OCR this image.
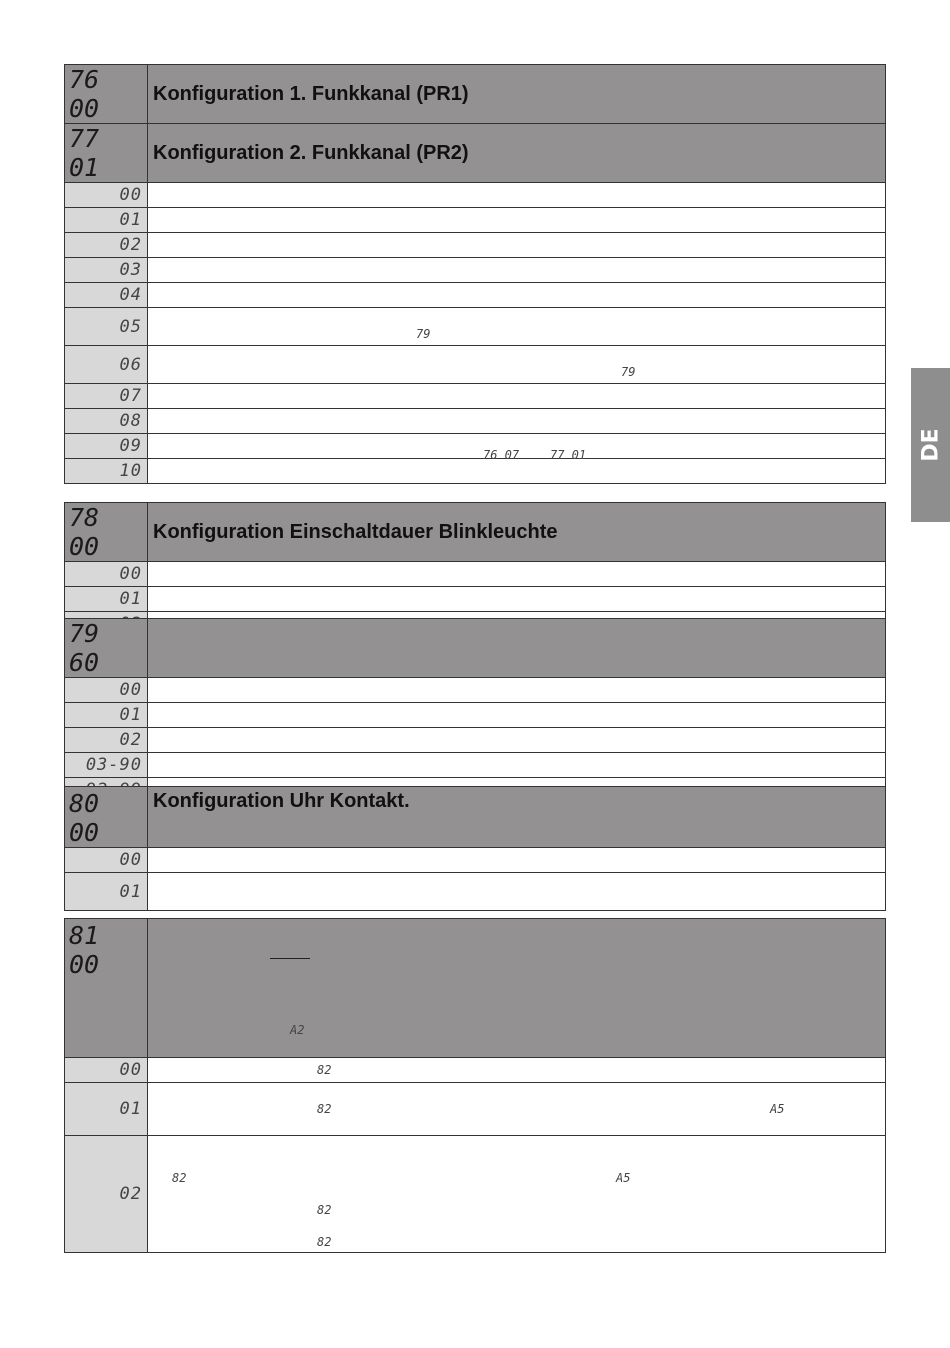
DE
76 00	Konfiguration 1. Funkkanal (PR1)
77 01	Konfiguration 2. Funkkanal (PR2)
00	
01	
02	
03	
04	
05	79

06	79

07	
08	
09	
10	
76 07	77 01
78 00	Konfiguration Einschaltdauer Blinkleuchte
00	
01	

79 60	
00	
01	
02	
03-90	

80 00	Konfiguration Uhr Kontakt.
00	
01	
81 00	A2

00	82

01	82 A5

02	82 A5
82
82
